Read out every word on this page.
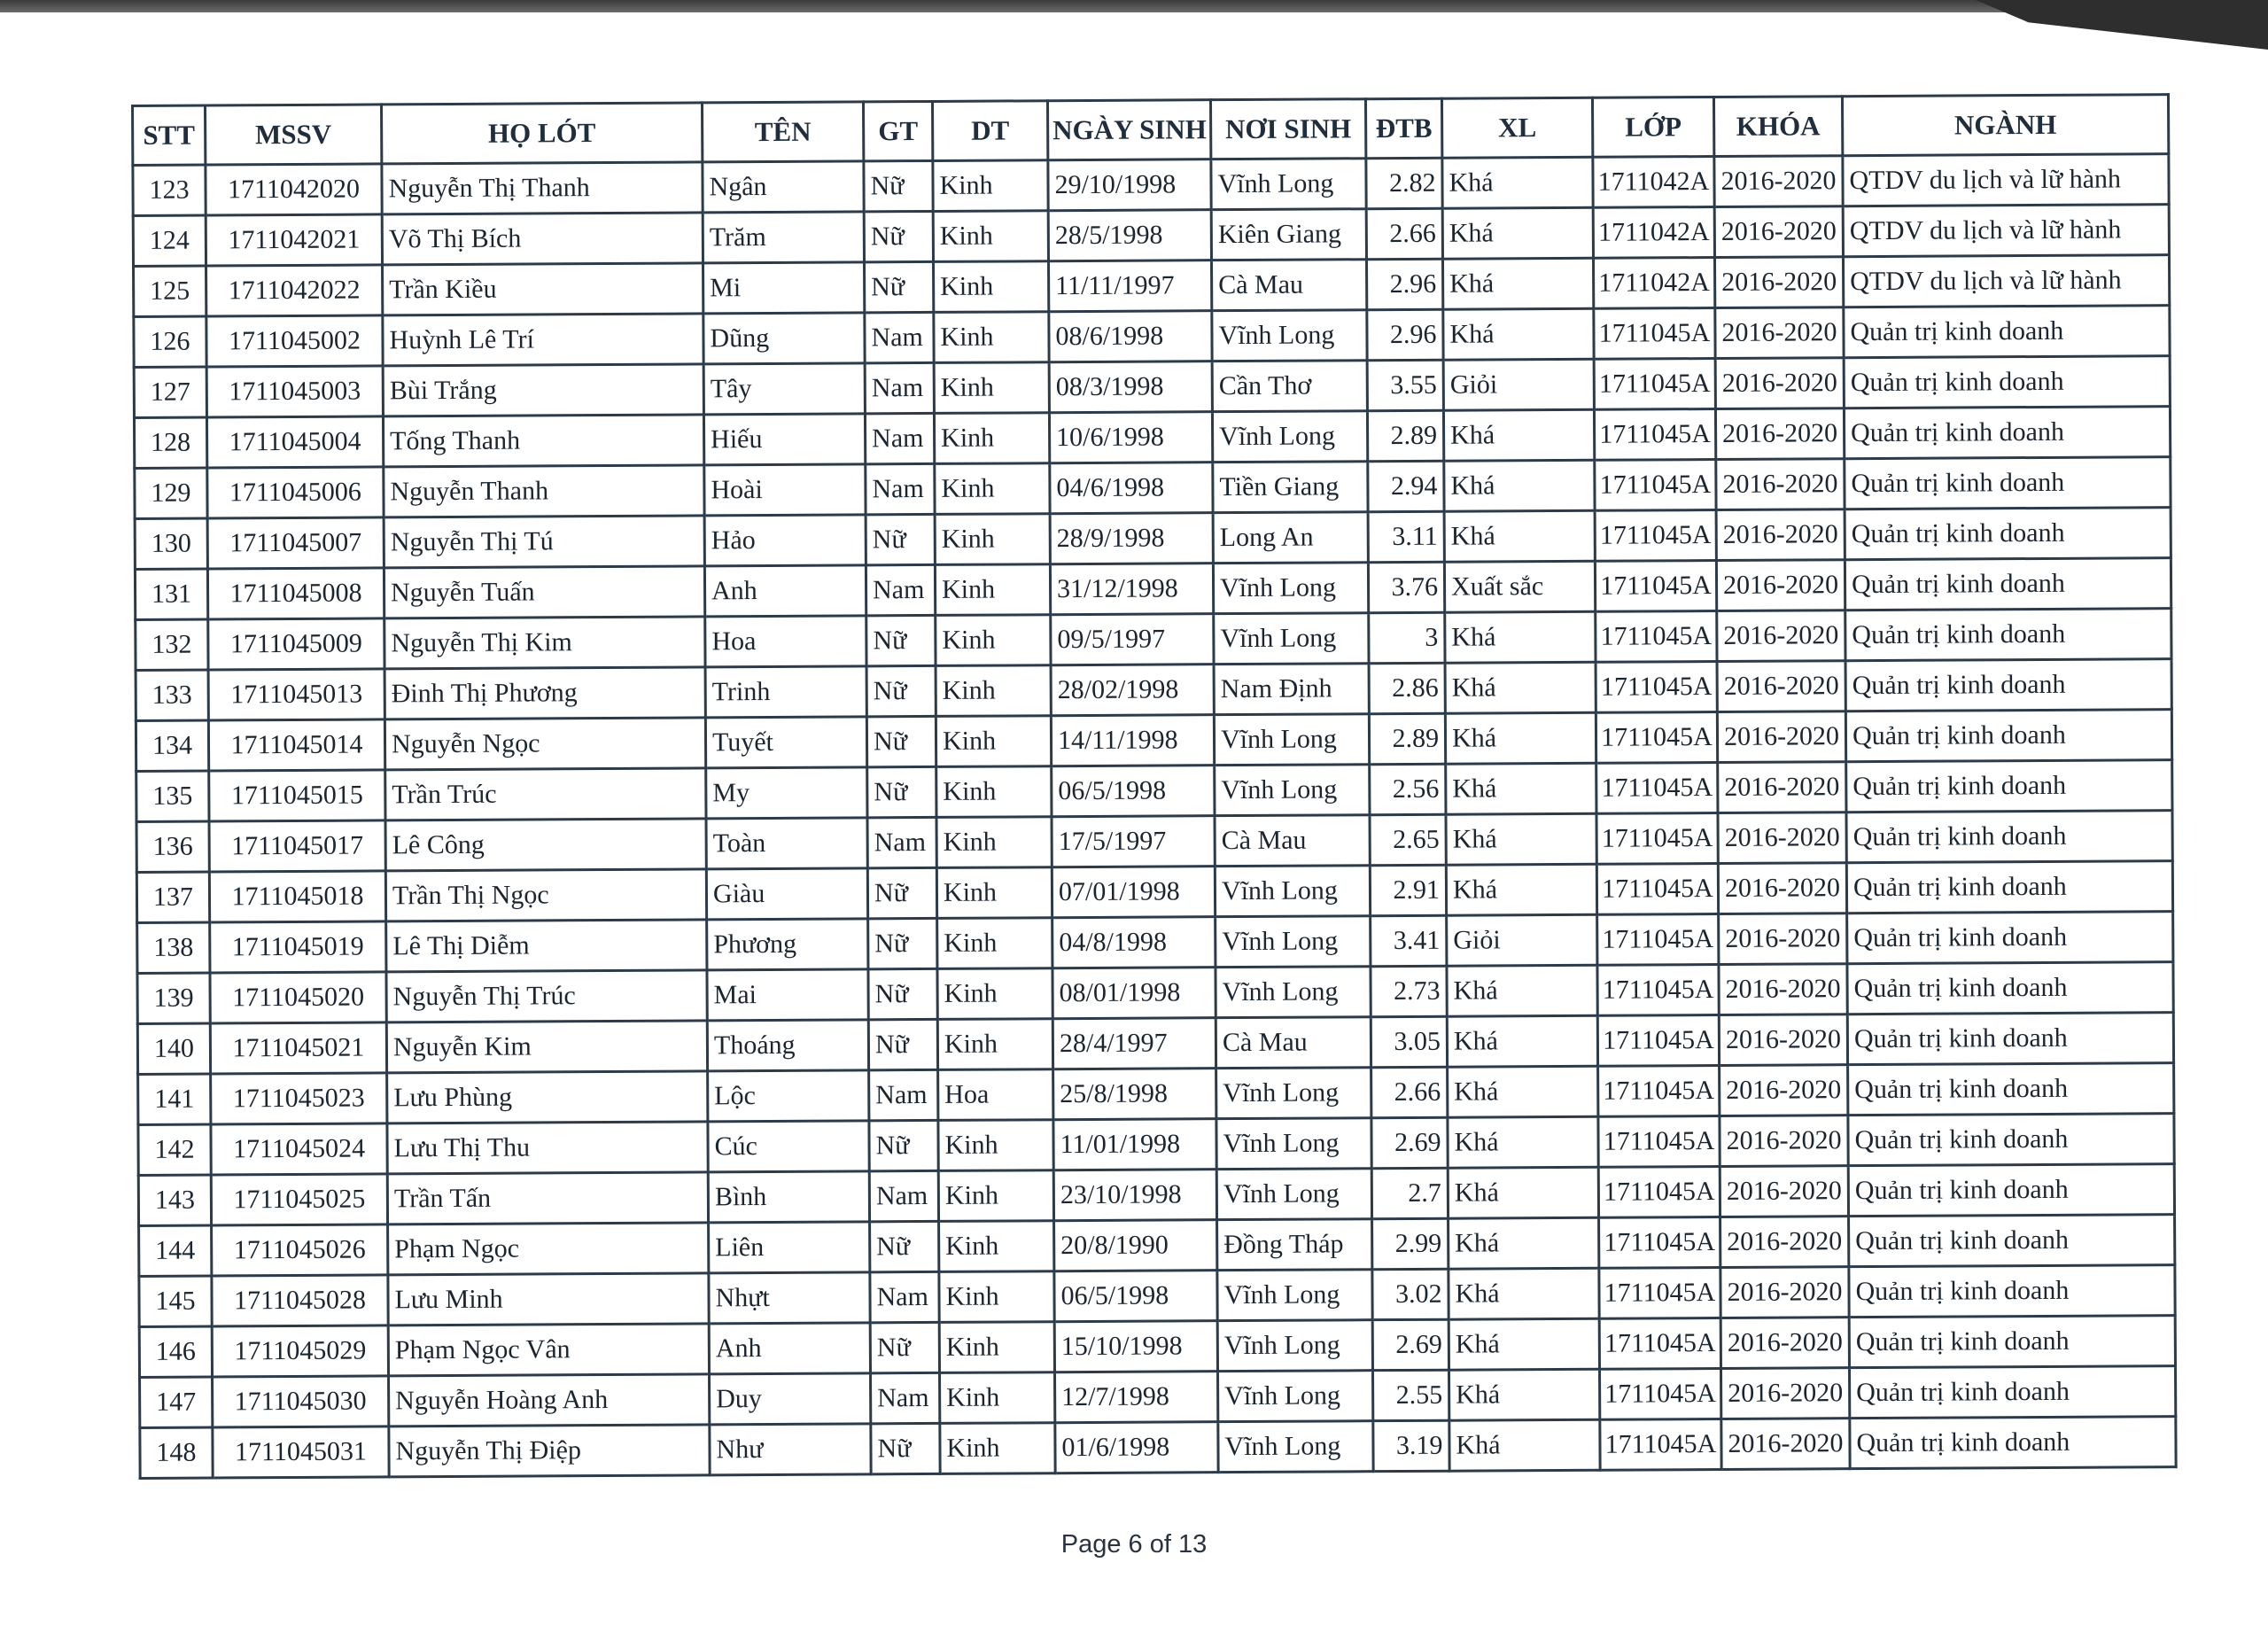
STT	MSSV	HỌ LÓT	TÊN	GT	DT	NGÀY SINH	NƠI SINH	ĐTB	XL	LỚP	KHÓA	NGÀNH
123	1711042020	Nguyễn Thị Thanh	Ngân	Nữ	Kinh	29/10/1998	Vĩnh Long	2.82	Khá	1711042A	2016-2020	QTDV du lịch và lữ hành
124	1711042021	Võ Thị Bích	Trăm	Nữ	Kinh	28/5/1998	Kiên Giang	2.66	Khá	1711042A	2016-2020	QTDV du lịch và lữ hành
125	1711042022	Trần Kiều	Mi	Nữ	Kinh	11/11/1997	Cà Mau	2.96	Khá	1711042A	2016-2020	QTDV du lịch và lữ hành
126	1711045002	Huỳnh Lê Trí	Dũng	Nam	Kinh	08/6/1998	Vĩnh Long	2.96	Khá	1711045A	2016-2020	Quản trị kinh doanh
127	1711045003	Bùi Trắng	Tây	Nam	Kinh	08/3/1998	Cần Thơ	3.55	Giỏi	1711045A	2016-2020	Quản trị kinh doanh
128	1711045004	Tống Thanh	Hiếu	Nam	Kinh	10/6/1998	Vĩnh Long	2.89	Khá	1711045A	2016-2020	Quản trị kinh doanh
129	1711045006	Nguyễn Thanh	Hoài	Nam	Kinh	04/6/1998	Tiền Giang	2.94	Khá	1711045A	2016-2020	Quản trị kinh doanh
130	1711045007	Nguyễn Thị Tú	Hảo	Nữ	Kinh	28/9/1998	Long An	3.11	Khá	1711045A	2016-2020	Quản trị kinh doanh
131	1711045008	Nguyễn Tuấn	Anh	Nam	Kinh	31/12/1998	Vĩnh Long	3.76	Xuất sắc	1711045A	2016-2020	Quản trị kinh doanh
132	1711045009	Nguyễn Thị Kim	Hoa	Nữ	Kinh	09/5/1997	Vĩnh Long	3	Khá	1711045A	2016-2020	Quản trị kinh doanh
133	1711045013	Đinh Thị Phương	Trinh	Nữ	Kinh	28/02/1998	Nam Định	2.86	Khá	1711045A	2016-2020	Quản trị kinh doanh
134	1711045014	Nguyễn Ngọc	Tuyết	Nữ	Kinh	14/11/1998	Vĩnh Long	2.89	Khá	1711045A	2016-2020	Quản trị kinh doanh
135	1711045015	Trần Trúc	My	Nữ	Kinh	06/5/1998	Vĩnh Long	2.56	Khá	1711045A	2016-2020	Quản trị kinh doanh
136	1711045017	Lê Công	Toàn	Nam	Kinh	17/5/1997	Cà Mau	2.65	Khá	1711045A	2016-2020	Quản trị kinh doanh
137	1711045018	Trần Thị Ngọc	Giàu	Nữ	Kinh	07/01/1998	Vĩnh Long	2.91	Khá	1711045A	2016-2020	Quản trị kinh doanh
138	1711045019	Lê Thị Diễm	Phương	Nữ	Kinh	04/8/1998	Vĩnh Long	3.41	Giỏi	1711045A	2016-2020	Quản trị kinh doanh
139	1711045020	Nguyễn Thị Trúc	Mai	Nữ	Kinh	08/01/1998	Vĩnh Long	2.73	Khá	1711045A	2016-2020	Quản trị kinh doanh
140	1711045021	Nguyễn Kim	Thoáng	Nữ	Kinh	28/4/1997	Cà Mau	3.05	Khá	1711045A	2016-2020	Quản trị kinh doanh
141	1711045023	Lưu Phùng	Lộc	Nam	Hoa	25/8/1998	Vĩnh Long	2.66	Khá	1711045A	2016-2020	Quản trị kinh doanh
142	1711045024	Lưu Thị Thu	Cúc	Nữ	Kinh	11/01/1998	Vĩnh Long	2.69	Khá	1711045A	2016-2020	Quản trị kinh doanh
143	1711045025	Trần Tấn	Bình	Nam	Kinh	23/10/1998	Vĩnh Long	2.7	Khá	1711045A	2016-2020	Quản trị kinh doanh
144	1711045026	Phạm Ngọc	Liên	Nữ	Kinh	20/8/1990	Đồng Tháp	2.99	Khá	1711045A	2016-2020	Quản trị kinh doanh
145	1711045028	Lưu Minh	Nhựt	Nam	Kinh	06/5/1998	Vĩnh Long	3.02	Khá	1711045A	2016-2020	Quản trị kinh doanh
146	1711045029	Phạm Ngọc Vân	Anh	Nữ	Kinh	15/10/1998	Vĩnh Long	2.69	Khá	1711045A	2016-2020	Quản trị kinh doanh
147	1711045030	Nguyễn Hoàng Anh	Duy	Nam	Kinh	12/7/1998	Vĩnh Long	2.55	Khá	1711045A	2016-2020	Quản trị kinh doanh
148	1711045031	Nguyễn Thị Điệp	Như	Nữ	Kinh	01/6/1998	Vĩnh Long	3.19	Khá	1711045A	2016-2020	Quản trị kinh doanh
Page 6 of 13
